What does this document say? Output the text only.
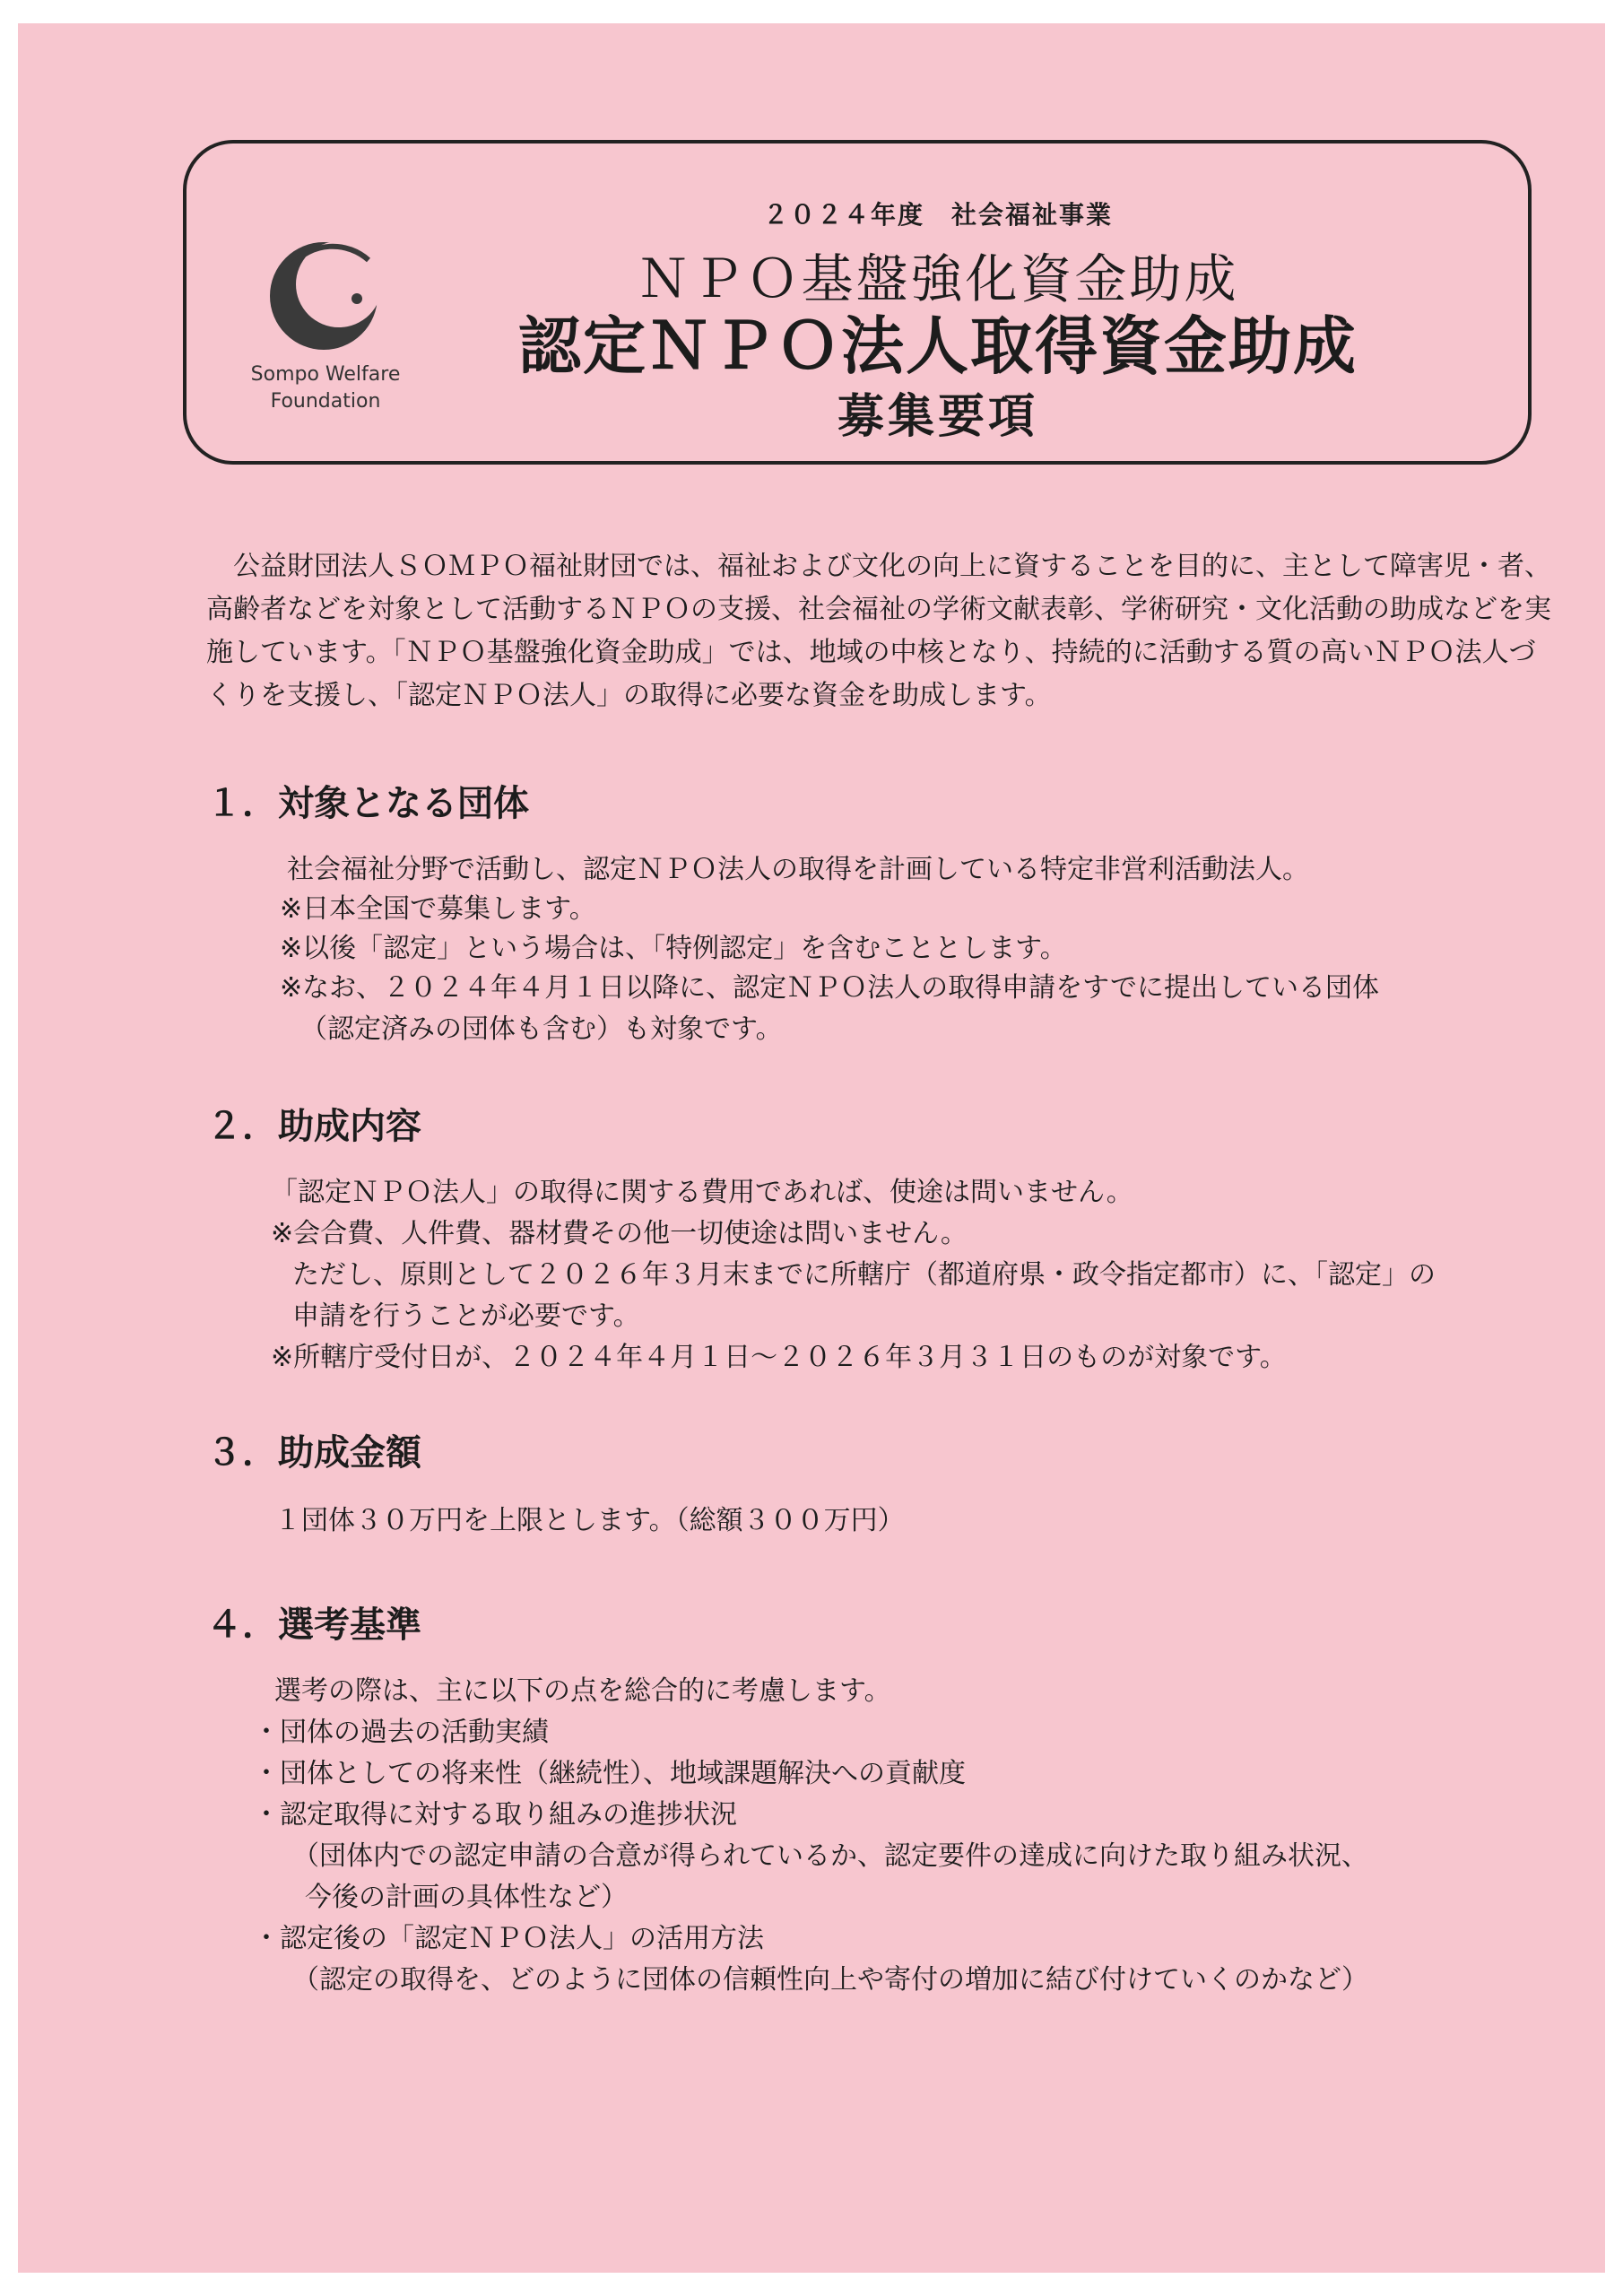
Sompo Welfare
Foundation
２０２４年度　社会福祉事業
ＮＰＯ基盤強化資金助成
認定ＮＰＯ法人取得資金助成
募集要項

公益財団法人ＳＯＭＰＯ福祉財団では、福祉および文化の向上に資することを目的に、主として障害児・者、高齢者などを対象として活動するＮＰＯの支援、社会福祉の学術文献表彰、学術研究・文化活動の助成などを実施しています。「ＮＰＯ基盤強化資金助成」では、地域の中核となり、持続的に活動する質の高いＮＰＯ法人づくりを支援し、「認定ＮＰＯ法人」の取得に必要な資金を助成します。

１．対象となる団体
社会福祉分野で活動し、認定ＮＰＯ法人の取得を計画している特定非営利活動法人。
※日本全国で募集します。
※以後「認定」という場合は、「特例認定」を含むこととします。
※なお、２０２４年４月１日以降に、認定ＮＰＯ法人の取得申請をすでに提出している団体
（認定済みの団体も含む）も対象です。
２．助成内容
「認定ＮＰＯ法人」の取得に関する費用であれば、使途は問いません。
※会合費、人件費、器材費その他一切使途は問いません。
ただし、原則として２０２６年３月末までに所轄庁（都道府県・政令指定都市）に、「認定」の
申請を行うことが必要です。
※所轄庁受付日が、２０２４年４月１日～２０２６年３月３１日のものが対象です。
３．助成金額
１団体３０万円を上限とします。（総額３００万円）
４．選考基準
選考の際は、主に以下の点を総合的に考慮します。
・団体の過去の活動実績
・団体としての将来性（継続性）、地域課題解決への貢献度
・認定取得に対する取り組みの進捗状況
（団体内での認定申請の合意が得られているか、認定要件の達成に向けた取り組み状況、
今後の計画の具体性など）
・認定後の「認定ＮＰＯ法人」の活用方法
（認定の取得を、どのように団体の信頼性向上や寄付の増加に結び付けていくのかなど）
